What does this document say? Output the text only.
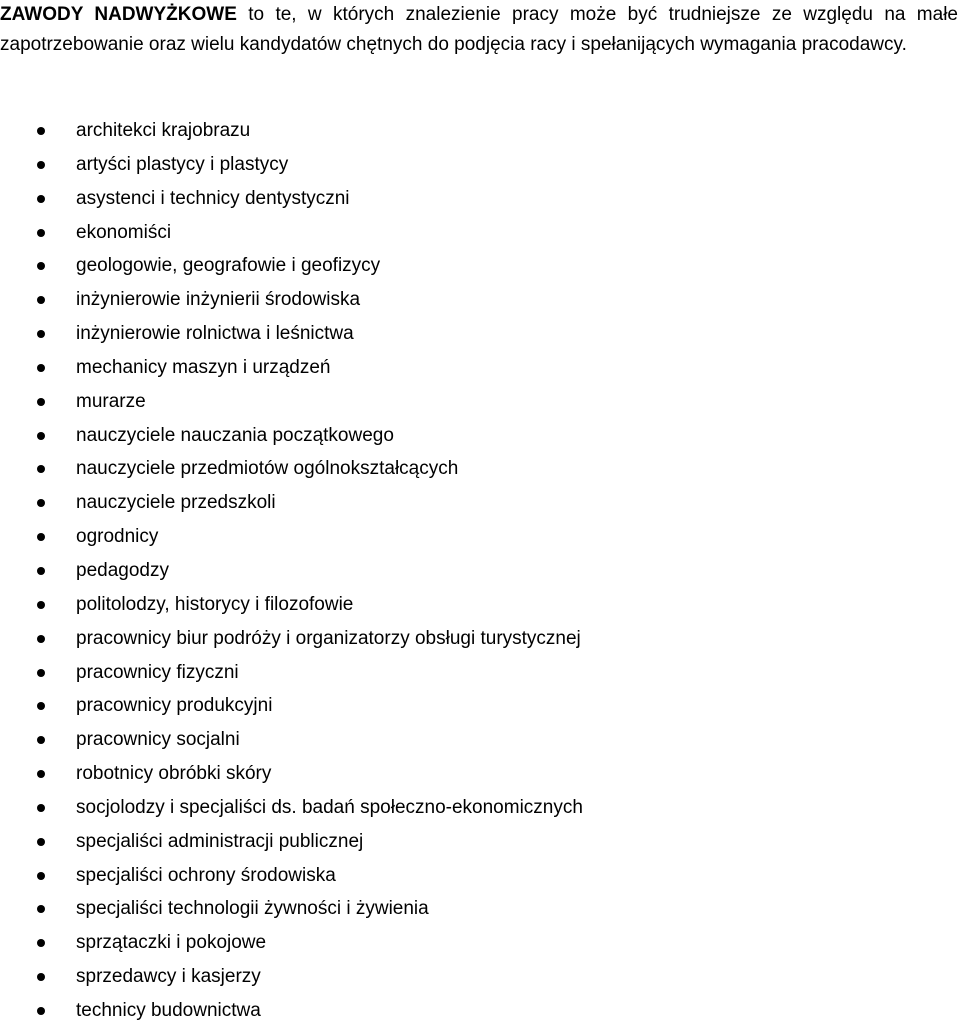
ZAWODY NADWYŻKOWE to te, w których znalezienie pracy może być trudniejsze ze względu na małe zapotrzebowanie oraz wielu kandydatów chętnych do podjęcia racy i spełanijących wymagania pracodawcy.

architekci krajobrazu
artyści plastycy i plastycy
asystenci i technicy dentystyczni
ekonomiści
geologowie, geografowie i geofizycy
inżynierowie inżynierii środowiska
inżynierowie rolnictwa i leśnictwa
mechanicy maszyn i urządzeń
murarze
nauczyciele nauczania początkowego
nauczyciele przedmiotów ogólnokształcących
nauczyciele przedszkoli
ogrodnicy
pedagodzy
politolodzy, historycy i filozofowie
pracownicy biur podróży i organizatorzy obsługi turystycznej
pracownicy fizyczni
pracownicy produkcyjni
pracownicy socjalni
robotnicy obróbki skóry
socjolodzy i specjaliści ds. badań społeczno-ekonomicznych
specjaliści administracji publicznej
specjaliści ochrony środowiska
specjaliści technologii żywności i żywienia
sprzątaczki i pokojowe
sprzedawcy i kasjerzy
technicy budownictwa
